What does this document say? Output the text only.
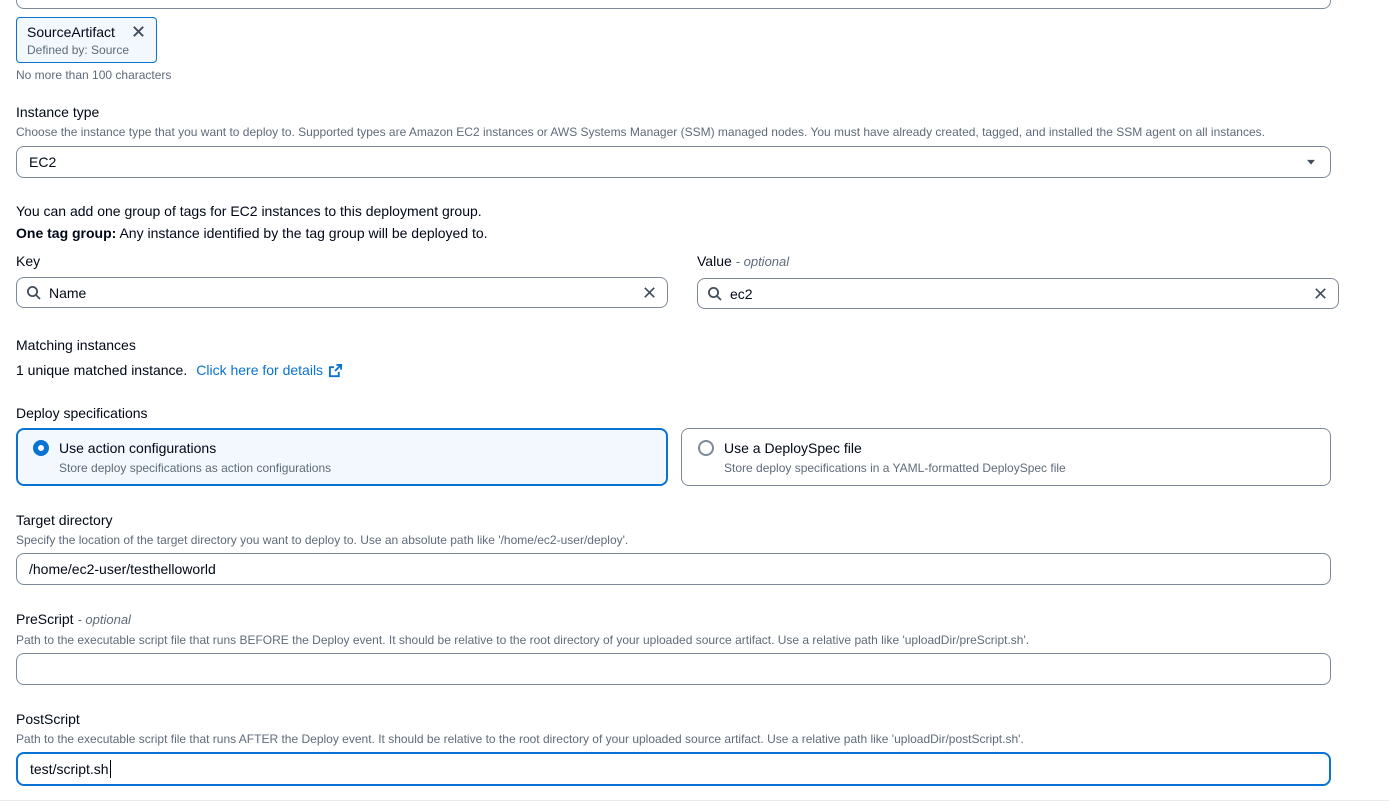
SourceArtifact
Defined by: Source
No more than 100 characters
Instance type
Choose the instance type that you want to deploy to. Supported types are Amazon EC2 instances or AWS Systems Manager (SSM) managed nodes. You must have already created, tagged, and installed the SSM agent on all instances.
EC2
You can add one group of tags for EC2 instances to this deployment group.
One tag group: Any instance identified by the tag group will be deployed to.
Key
Name	Value - optional
ec2
Matching instances
1 unique matched instance. Click here for details
Deploy specifications
Use action configurations
Store deploy specifications as action configurations
Use a DeploySpec file
Store deploy specifications in a YAML-formatted DeploySpec file
Target directory
Specify the location of the target directory you want to deploy to. Use an absolute path like '/home/ec2-user/deploy'.
/home/ec2-user/testhelloworld
PreScript - optional
Path to the executable script file that runs BEFORE the Deploy event. It should be relative to the root directory of your uploaded source artifact. Use a relative path like 'uploadDir/preScript.sh'.
PostScript
Path to the executable script file that runs AFTER the Deploy event. It should be relative to the root directory of your uploaded source artifact. Use a relative path like 'uploadDir/postScript.sh'.
test/script.sh
